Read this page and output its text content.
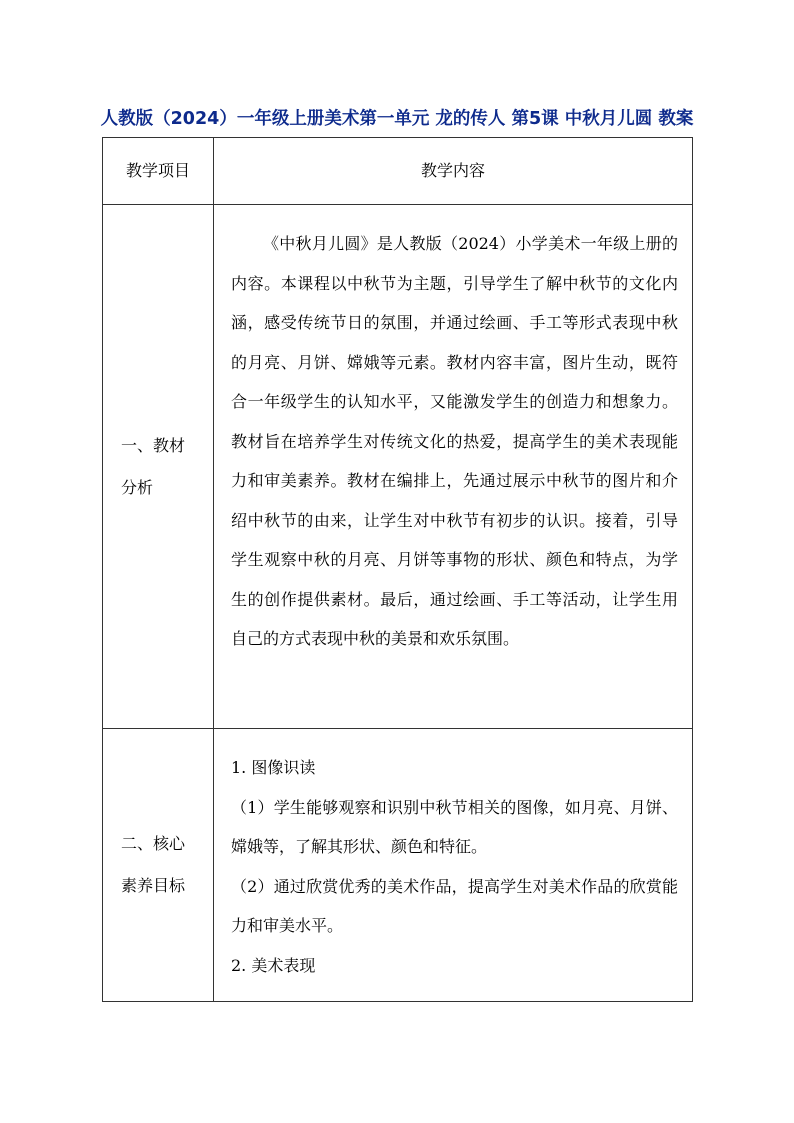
人教版（2024）一年级上册美术第一单元 龙的传人 第5课 中秋月儿圆 教案
教学项目	教学内容
一、教材分析	《中秋月儿圆》是人教版（2024）小学美术一年级上册的内容。本课程以中秋节为主题，引导学生了解中秋节的文化内涵，感受传统节日的氛围，并通过绘画、手工等形式表现中秋的月亮、月饼、嫦娥等元素。教材内容丰富，图片生动，既符合一年级学生的认知水平，又能激发学生的创造力和想象力。教材旨在培养学生对传统文化的热爱，提高学生的美术表现能力和审美素养。教材在编排上，先通过展示中秋节的图片和介绍中秋节的由来，让学生对中秋节有初步的认识。接着，引导学生观察中秋的月亮、月饼等事物的形状、颜色和特点，为学生的创作提供素材。最后，通过绘画、手工等活动，让学生用自己的方式表现中秋的美景和欢乐氛围。

二、核心素养目标	1. 图像识读

（1）学生能够观察和识别中秋节相关的图像，如月亮、月饼、嫦娥等，了解其形状、颜色和特征。

（2）通过欣赏优秀的美术作品，提高学生对美术作品的欣赏能力和审美水平。

2. 美术表现
